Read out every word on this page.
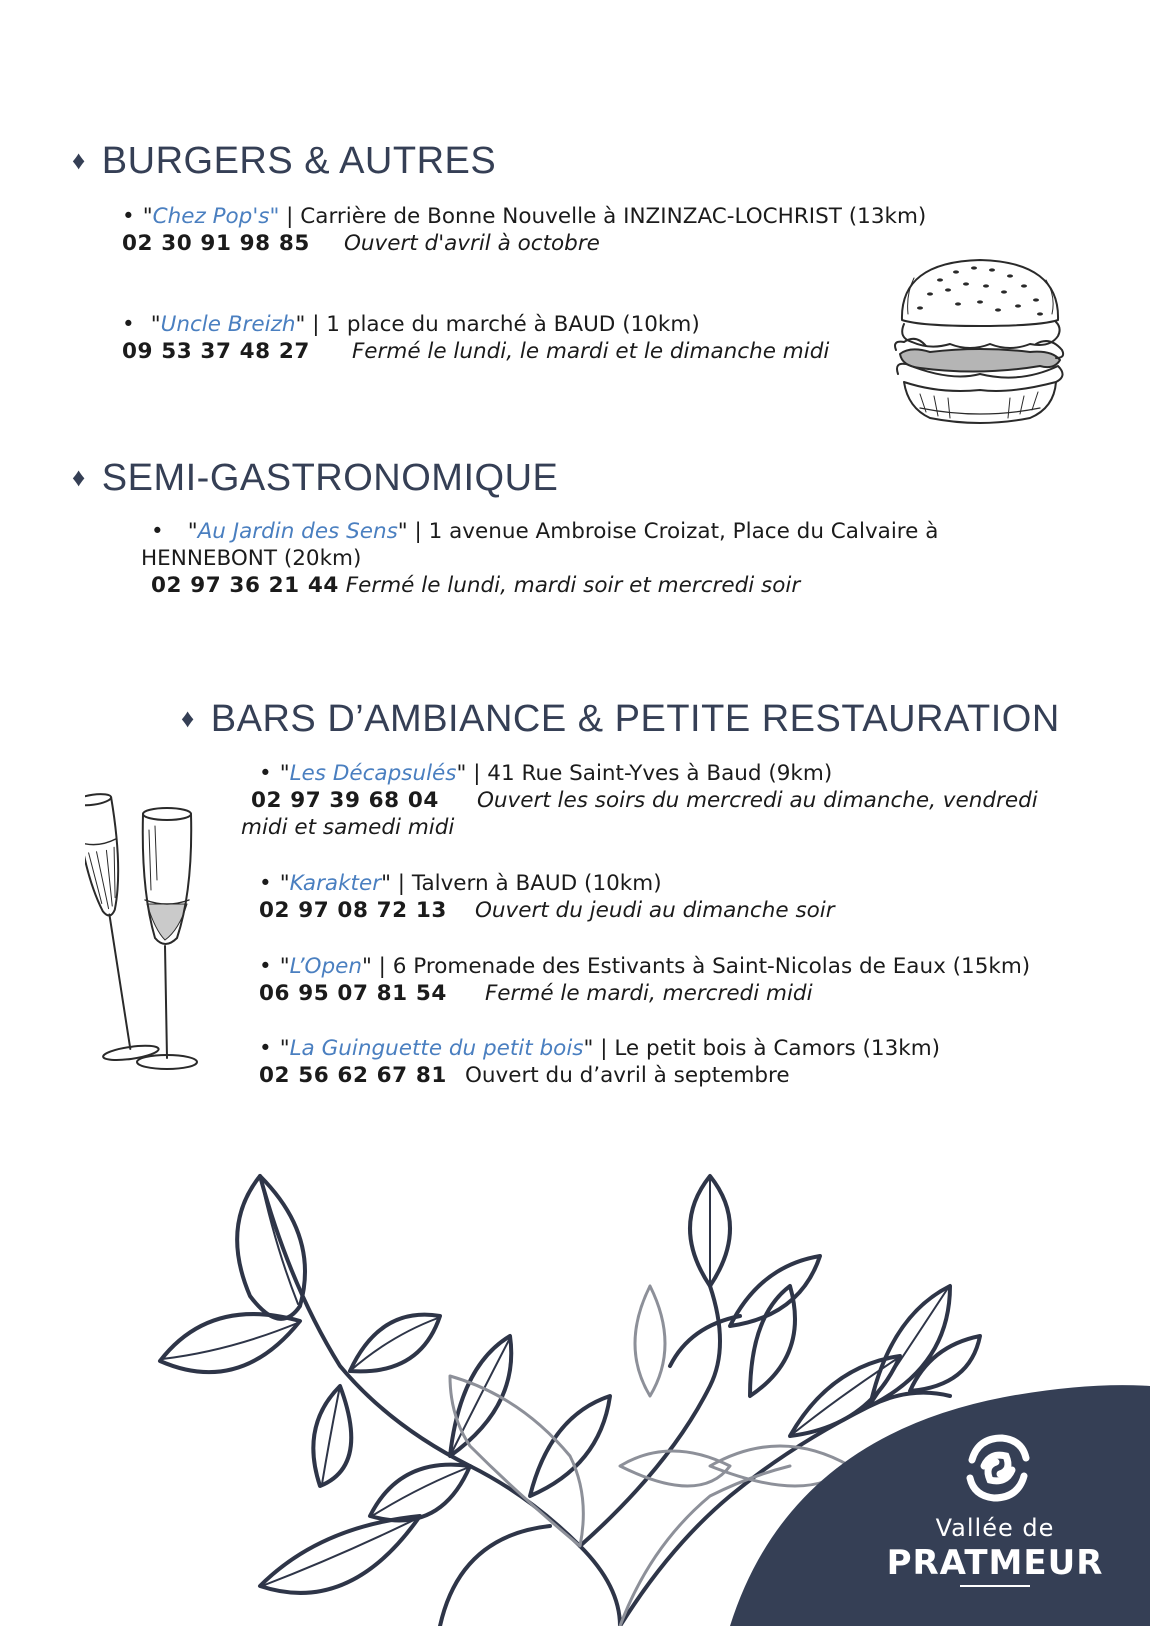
♦ BURGERS & AUTRES
• "Chez Pop's" | Carrière de Bonne Nouvelle à INZINZAC-LOCHRIST (13km)
02 30 91 98 85 Ouvert d'avril à octobre
• "Uncle Breizh" | 1 place du marché à BAUD (10km)
09 53 37 48 27 Fermé le lundi, le mardi et le dimanche midi
♦ SEMI-GASTRONOMIQUE
• "Au Jardin des Sens" | 1 avenue Ambroise Croizat, Place du Calvaire à HENNEBONT (20km)
02 97 36 21 44 Fermé le lundi, mardi soir et mercredi soir
♦ BARS D’AMBIANCE & PETITE RESTAURATION
• "Les Décapsulés" | 41 Rue Saint-Yves à Baud (9km)
02 97 39 68 04 Ouvert les soirs du mercredi au dimanche, vendredi midi et samedi midi
• "Karakter" | Talvern à BAUD (10km)
02 97 08 72 13 Ouvert du jeudi au dimanche soir
• "L’Open" | 6 Promenade des Estivants à Saint-Nicolas de Eaux (15km)
06 95 07 81 54 Fermé le mardi, mercredi midi
• "La Guinguette du petit bois" | Le petit bois à Camors (13km)
02 56 62 67 81 Ouvert du d’avril à septembre
Vallée de
PRATMEUR
